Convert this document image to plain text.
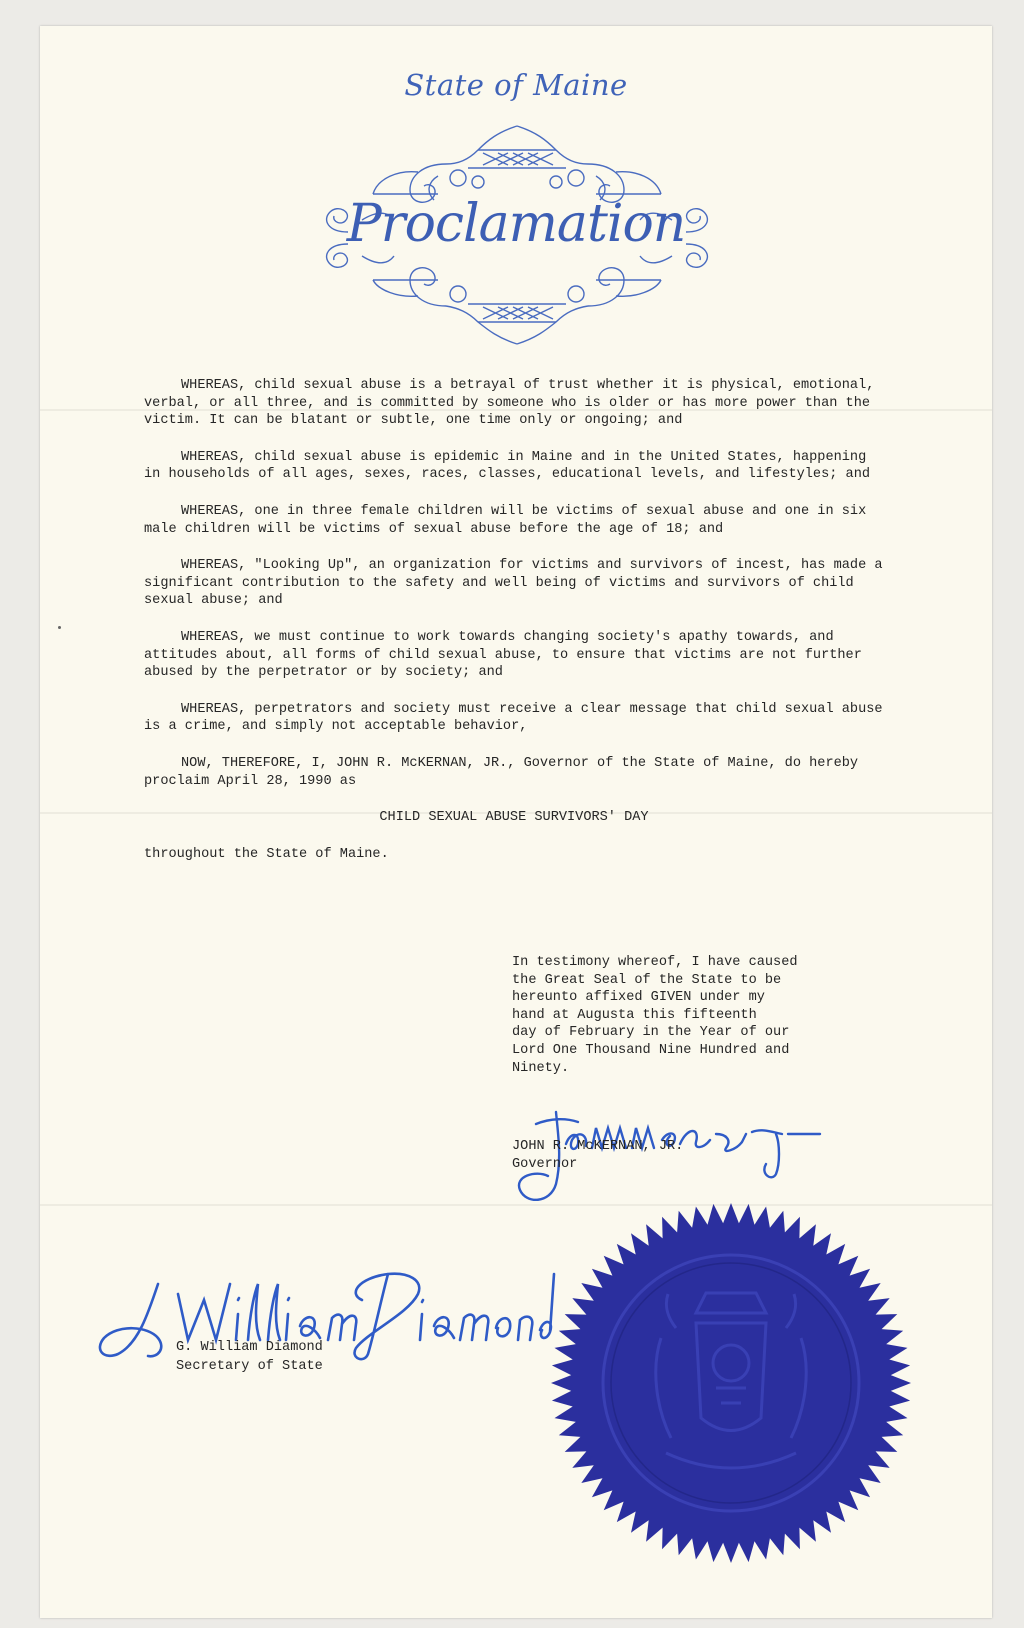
State of Maine
Proclamation

WHEREAS, child sexual abuse is a betrayal of trust whether it is physical, emotional, verbal, or all three, and is committed by someone who is older or has more power than the victim. It can be blatant or subtle, one time only or ongoing; and

WHEREAS, child sexual abuse is epidemic in Maine and in the United States, happening in households of all ages, sexes, races, classes, educational levels, and lifestyles; and

WHEREAS, one in three female children will be victims of sexual abuse and one in six male children will be victims of sexual abuse before the age of 18; and

WHEREAS, "Looking Up", an organization for victims and survivors of incest, has made a significant contribution to the safety and well being of victims and survivors of child sexual abuse; and

WHEREAS, we must continue to work towards changing society's apathy towards, and attitudes about, all forms of child sexual abuse, to ensure that victims are not further abused by the perpetrator or by society; and

WHEREAS, perpetrators and society must receive a clear message that child sexual abuse is a crime, and simply not acceptable behavior,

NOW, THEREFORE, I, JOHN R. McKERNAN, JR., Governor of the State of Maine, do hereby proclaim April 28, 1990 as

CHILD SEXUAL ABUSE SURVIVORS' DAY

throughout the State of Maine.

In testimony whereof, I have caused
the Great Seal of the State to be
hereunto affixed GIVEN under my
hand at Augusta this fifteenth
day of February in the Year of our
Lord One Thousand Nine Hundred and
Ninety.
JOHN R. McKERNAN, JR.
Governor
G. William Diamond
Secretary of State
